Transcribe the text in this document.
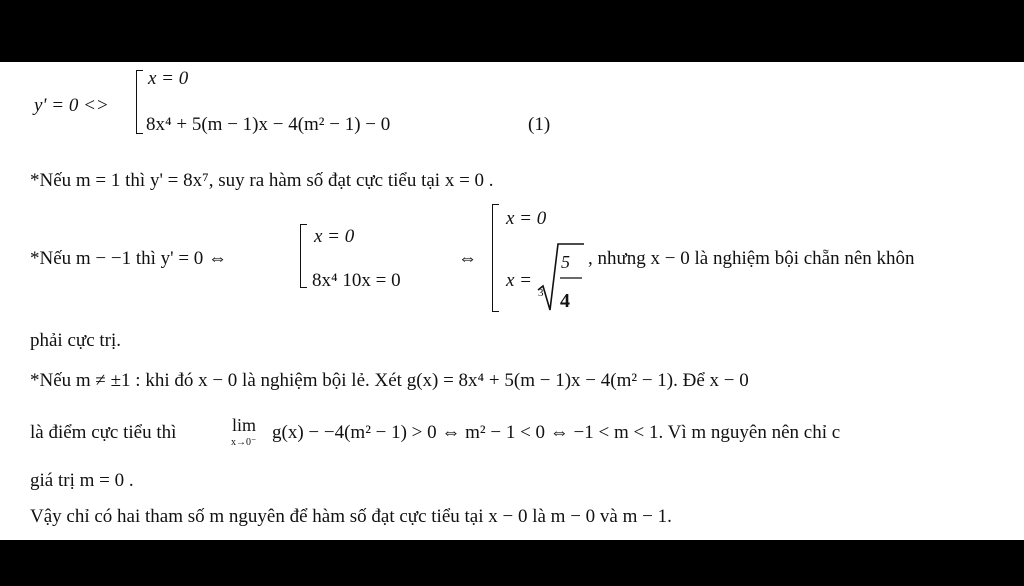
y' = 0 <>
x = 0
8x⁴ + 5(m − 1)x − 4(m² − 1) − 0	(1)
*Nếu m = 1 thì y' = 8x⁷, suy ra hàm số đạt cực tiểu tại x = 0 .
*Nếu m − −1 thì y' = 0 ⇔
x = 0
8x⁴ 10x = 0
⇔
x = 0
x =
3
5
4
, nhưng x − 0 là nghiệm bội chẵn nên khôn
phải cực trị.
*Nếu m ≠ ±1 : khi đó x − 0 là nghiệm bội lẻ. Xét g(x) = 8x⁴ + 5(m − 1)x − 4(m² − 1). Để x − 0
là điểm cực tiểu thì	lim
x→0⁻ g(x) − −4(m² − 1) > 0 ⇔ m² − 1 < 0 ⇔ −1 < m < 1. Vì m nguyên nên chỉ c
giá trị m = 0 .
Vậy chỉ có hai tham số m nguyên để hàm số đạt cực tiểu tại x − 0 là m − 0 và m − 1.
